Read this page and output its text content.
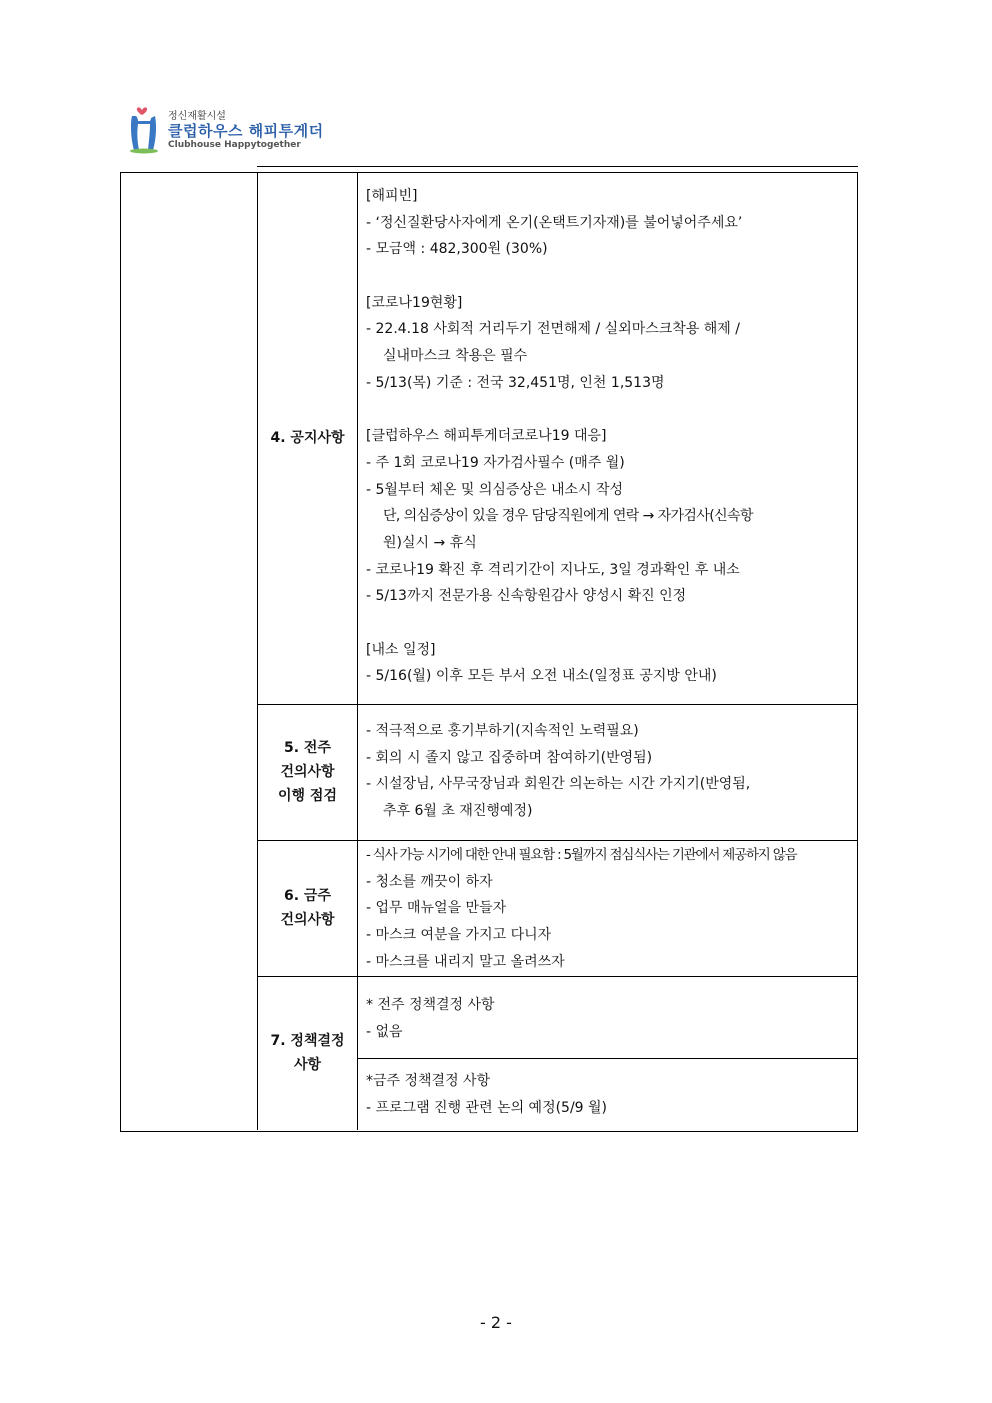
정신재활시설
클럽하우스 해피투게더
Clubhouse Happytogether
4. 공지사항
[해피빈]
- ‘정신질환당사자에게 온기(온택트기자재)를 불어넣어주세요’
- 모금액 : 482,300원 (30%)
[코로나19현황]
- 22.4.18 사회적 거리두기 전면해제 / 실외마스크착용 해제 /
실내마스크 착용은 필수
- 5/13(목) 기준 : 전국 32,451명, 인천 1,513명
[클럽하우스 해피투게더코로나19 대응]
- 주 1회 코로나19 자가검사필수 (매주 월)
- 5월부터 체온 및 의심증상은 내소시 작성
단, 의심증상이 있을 경우 담당직원에게 연락 → 자가검사(신속항
원)실시 → 휴식
- 코로나19 확진 후 격리기간이 지나도, 3일 경과확인 후 내소
- 5/13까지 전문가용 신속항원감사 양성시 확진 인정
[내소 일정]
- 5/16(월) 이후 모든 부서 오전 내소(일정표 공지방 안내)
5. 전주
건의사항
이행 점검
- 적극적으로 홍기부하기(지속적인 노력필요)
- 회의 시 졸지 않고 집중하며 참여하기(반영됨)
- 시설장님, 사무국장님과 회원간 의논하는 시간 가지기(반영됨,
추후 6월 초 재진행예정)
6. 금주
건의사항
- 식사 가능 시기에 대한 안내 필요함 : 5월까지 점심식사는 기관에서 제공하지 않음
- 청소를 깨끗이 하자
- 업무 매뉴얼을 만들자
- 마스크 여분을 가지고 다니자
- 마스크를 내리지 말고 올려쓰자
7. 정책결정
사항
* 전주 정책결정 사항
- 없음
*금주 정책결정 사항
- 프로그램 진행 관련 논의 예정(5/9 월)
- 2 -
